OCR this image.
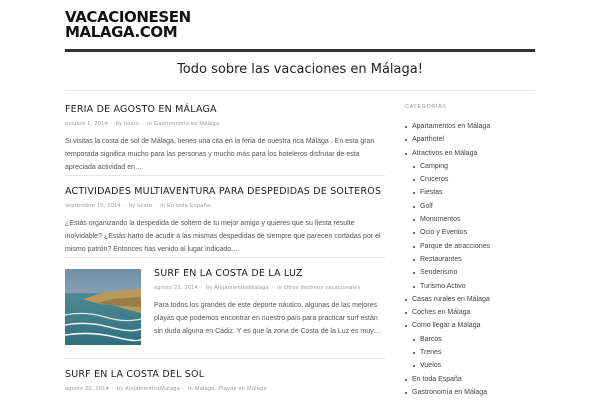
VACACIONESEN
MALAGA.COM
Todo sobre las vacaciones en Málaga!
FERIA DE AGOSTO EN MÁLAGA
octubre 1, 2014 · by luisro · in Gastronomía en Málaga
Si visitas la costa de sol de Málaga, tienes una cita en la feria de nuestra rica Málaga . En esta gran temporada significa mucho para las personas y mucho más para los hoteleros disfrutar de esta apreciada actividad en…
ACTIVIDADES MULTIAVENTURA PARA DESPEDIDAS DE SOLTEROS
septiembre 15, 2014 · by luisro · in En toda España
¿Estás organizando la despedida de soltero de tu mejor amigo y quieres que su fiesta resulte inolvidable? ¿Estás harto de acudir a las mismas despedidas de siempre que parecen cortadas por el mismo patrón? Entonces has venido al lugar indicado,…
SURF EN LA COSTA DE LA LUZ
agosto 21, 2014 · by AlojamientosMalaga · in Otros destinos vacacionales
Para todos los grandes de este deporte náutico, algunas de las mejores playas que podemos encontrar en nuestro país para practicar surf están sin duda alguna en Cádiz. Y es que la zona de Costa de la Luz es muy…
SURF EN LA COSTA DEL SOL
agosto 20, 2014 · by AlojamientosMalaga · in Málaga, Playas en Málaga
CATEGORÍAS
Apartamentos en Málaga
Aparthotel
Atractivos en Málaga
Camping
Cruceros
Fiestas
Golf
Monumentos
Ocio y Eventos
Parque de atracciones
Restaurantes
Senderismo
Turismo Activo
Casas rurales en Málaga
Coches en Málaga
Como llegar a Málaga
Barcos
Trenes
Vuelos
En toda España
Gastronomía en Málaga
